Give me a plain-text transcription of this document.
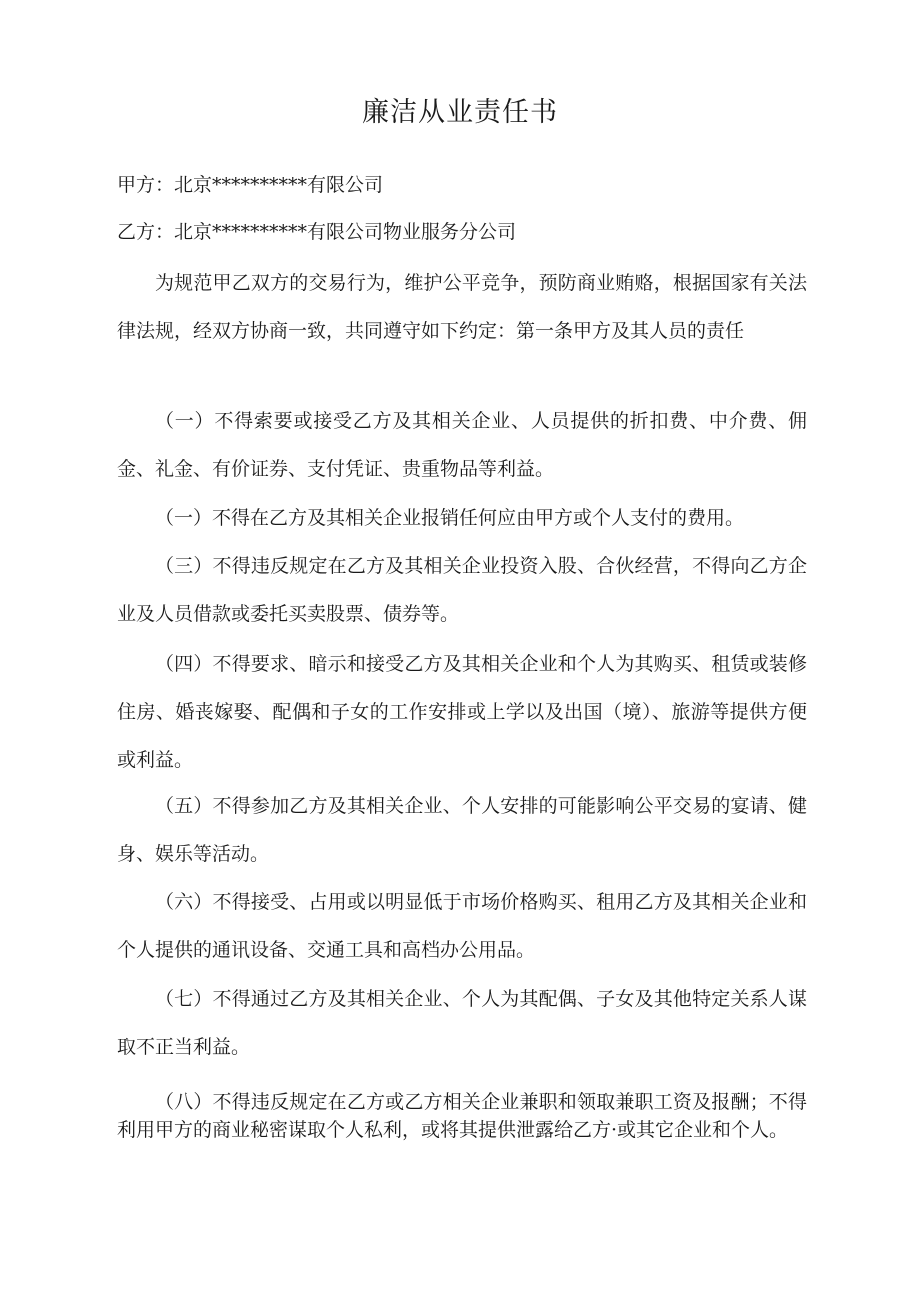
廉洁从业责任书

甲方：北京**********有限公司

乙方：北京**********有限公司物业服务分公司

为规范甲乙双方的交易行为，维护公平竞争，预防商业贿赂，根据国家有关法律法规，经双方协商一致，共同遵守如下约定：第一条甲方及其人员的责任

（一）不得索要或接受乙方及其相关企业、人员提供的折扣费、中介费、佣金、礼金、有价证券、支付凭证、贵重物品等利益。

（一）不得在乙方及其相关企业报销任何应由甲方或个人支付的费用。

（三）不得违反规定在乙方及其相关企业投资入股、合伙经营，不得向乙方企业及人员借款或委托买卖股票、债券等。

（四）不得要求、暗示和接受乙方及其相关企业和个人为其购买、租赁或装修住房、婚丧嫁娶、配偶和子女的工作安排或上学以及出国（境）、旅游等提供方便或利益。

（五）不得参加乙方及其相关企业、个人安排的可能影响公平交易的宴请、健身、娱乐等活动。

（六）不得接受、占用或以明显低于市场价格购买、租用乙方及其相关企业和个人提供的通讯设备、交通工具和高档办公用品。

（七）不得通过乙方及其相关企业、个人为其配偶、子女及其他特定关系人谋取不正当利益。

（八）不得违反规定在乙方或乙方相关企业兼职和领取兼职工资及报酬；不得利用甲方的商业秘密谋取个人私利，或将其提供泄露给乙方·或其它企业和个人。
